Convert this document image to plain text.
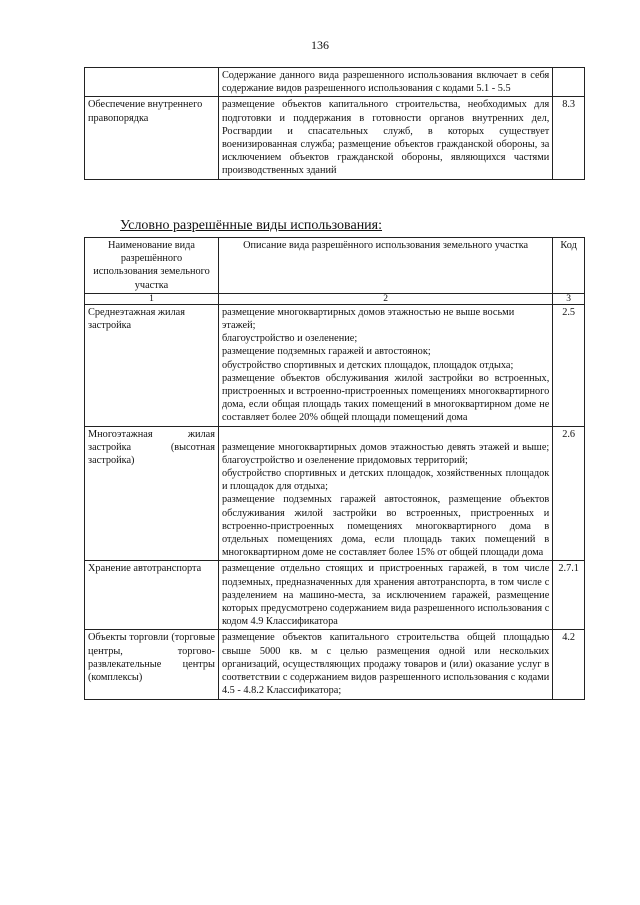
136

	Содержание данного вида разрешенного использования включает в себя содержание видов разрешенного использования с кодами 5.1 - 5.5	

Обеспечение внутреннего правопорядка	размещение объектов капитального строительства, необходимых для подготовки и поддержания в готовности органов внутренних дел, Росгвардии и спасательных служб, в которых существует военизированная служба; размещение объектов гражданской обороны, за исключением объектов гражданской обороны, являющихся частями производственных зданий	8.3
Условно разрешённые виды использования:
Наименование вида разрешённого использования земельного участка	Описание вида разрешённого использования земельного участка	Код
1	2	3
Среднеэтажная жилая застройка	размещение многоквартирных домов этажностью не выше восьми этажей;
благоустройство и озеленение;
размещение подземных гаражей и автостоянок;
обустройство спортивных и детских площадок, площадок отдыха;
размещение объектов обслуживания жилой застройки во встроенных, пристроенных и встроенно-пристроенных помещениях многоквартирного дома, если общая площадь таких помещений в многоквартирном доме не составляет более 20% общей площади помещений дома	2.5
Многоэтажная жилая застройка (высотная застройка)	размещение многоквартирных домов этажностью девять этажей и выше; благоустройство и озеленение придомовых территорий;
обустройство спортивных и детских площадок, хозяйственных площадок и площадок для отдыха;
размещение подземных гаражей автостоянок, размещение объектов обслуживания жилой застройки во встроенных, пристроенных и встроенно-пристроенных помещениях многоквартирного дома в отдельных помещениях дома, если площадь таких помещений в многоквартирном доме не составляет более 15% от общей площади дома	2.6
Хранение автотранспорта	размещение отдельно стоящих и пристроенных гаражей, в том числе подземных, предназначенных для хранения автотранспорта, в том числе с разделением на машино-места, за исключением гаражей, размещение которых предусмотрено содержанием вида разрешенного использования с кодом 4.9 Классификатора	2.7.1
Объекты торговли (торговые центры, торгово-развлекательные центры (комплексы)	размещение объектов капитального строительства общей площадью свыше 5000 кв. м с целью размещения одной или нескольких организаций, осуществляющих продажу товаров и (или) оказание услуг в соответствии с содержанием видов разрешенного использования с кодами 4.5 - 4.8.2 Классификатора;	4.2
